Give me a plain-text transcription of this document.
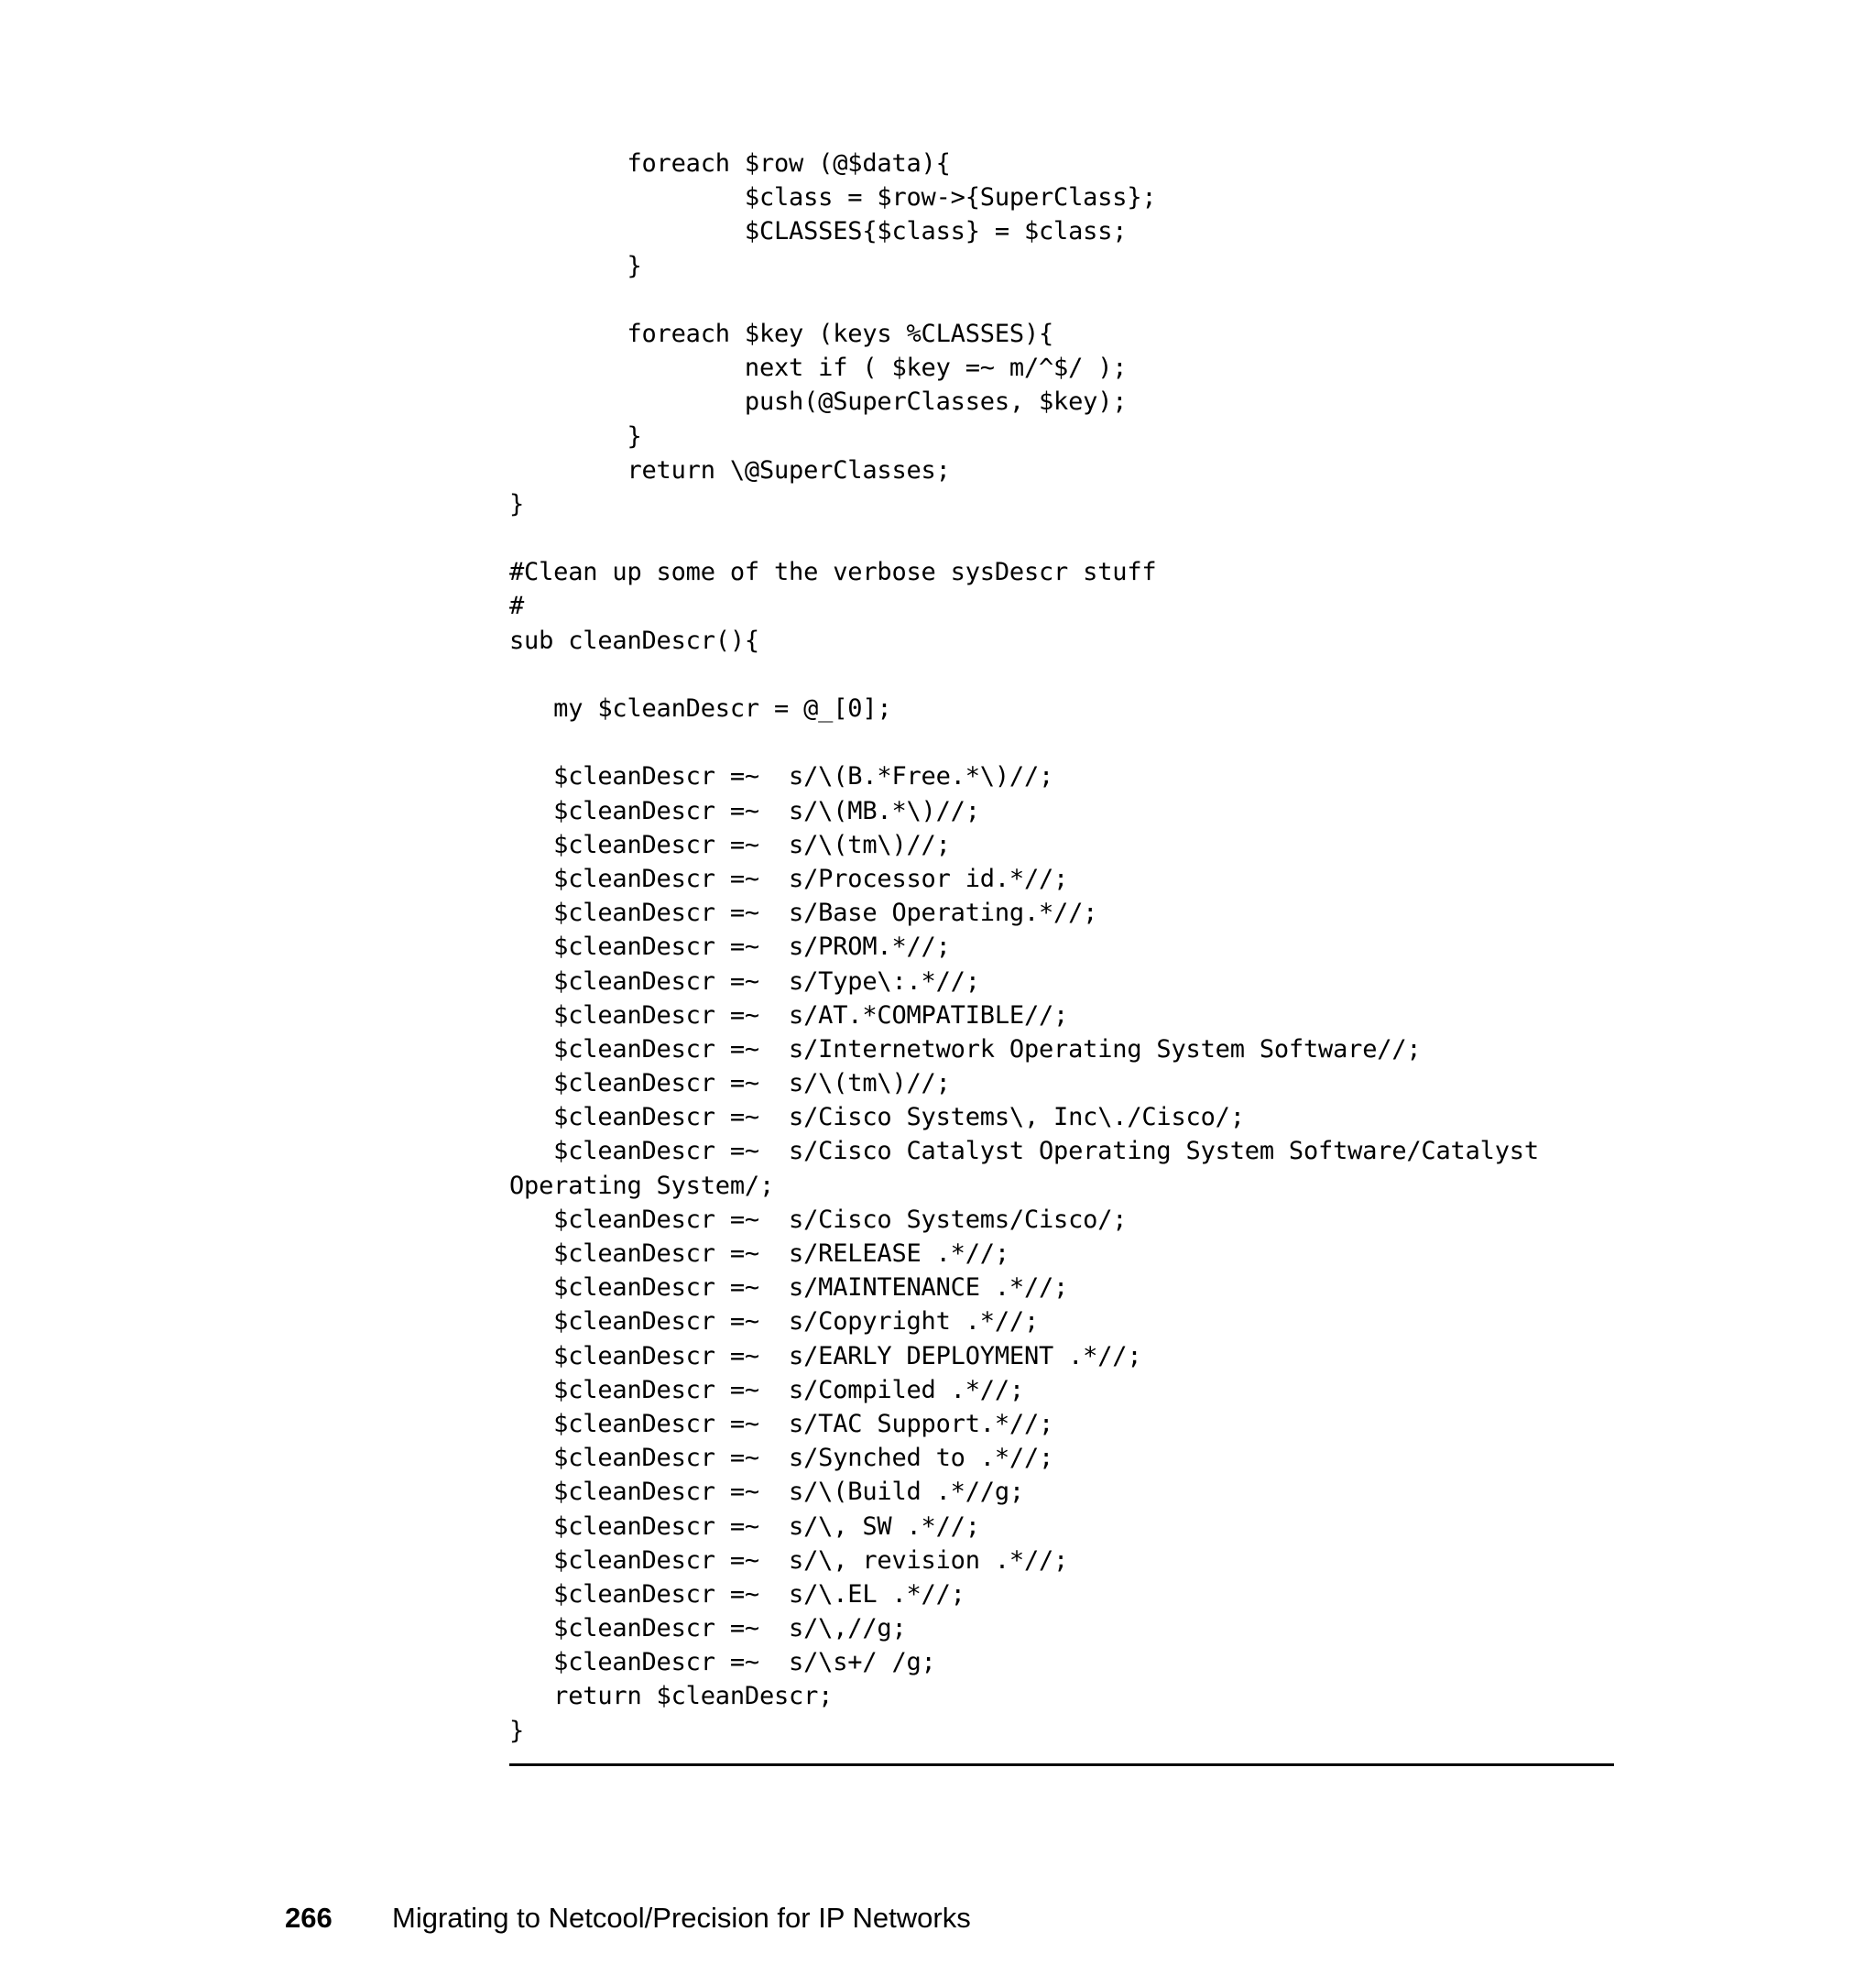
foreach $row (@$data){
$class = $row->{SuperClass};
$CLASSES{$class} = $class;
}
foreach $key (keys %CLASSES){
next if ( $key =~ m/^$/ );
push(@SuperClasses, $key);
}
return \@SuperClasses;
}
#Clean up some of the verbose sysDescr stuff
#
sub cleanDescr(){
my $cleanDescr = @_[0];
$cleanDescr =~  s/\(B.*Free.*\)//;
$cleanDescr =~  s/\(MB.*\)//;
$cleanDescr =~  s/\(tm\)//;
$cleanDescr =~  s/Processor id.*//;
$cleanDescr =~  s/Base Operating.*//;
$cleanDescr =~  s/PROM.*//;
$cleanDescr =~  s/Type\:.*//;
$cleanDescr =~  s/AT.*COMPATIBLE//;
$cleanDescr =~  s/Internetwork Operating System Software//;
$cleanDescr =~  s/\(tm\)//;
$cleanDescr =~  s/Cisco Systems\, Inc\./Cisco/;
$cleanDescr =~  s/Cisco Catalyst Operating System Software/Catalyst
Operating System/;
$cleanDescr =~  s/Cisco Systems/Cisco/;
$cleanDescr =~  s/RELEASE .*//;
$cleanDescr =~  s/MAINTENANCE .*//;
$cleanDescr =~  s/Copyright .*//;
$cleanDescr =~  s/EARLY DEPLOYMENT .*//;
$cleanDescr =~  s/Compiled .*//;
$cleanDescr =~  s/TAC Support.*//;
$cleanDescr =~  s/Synched to .*//;
$cleanDescr =~  s/\(Build .*//g;
$cleanDescr =~  s/\, SW .*//;
$cleanDescr =~  s/\, revision .*//;
$cleanDescr =~  s/\.EL .*//;
$cleanDescr =~  s/\,//g;
$cleanDescr =~  s/\s+/ /g;
return $cleanDescr;
}
266 Migrating to Netcool/Precision for IP Networks
